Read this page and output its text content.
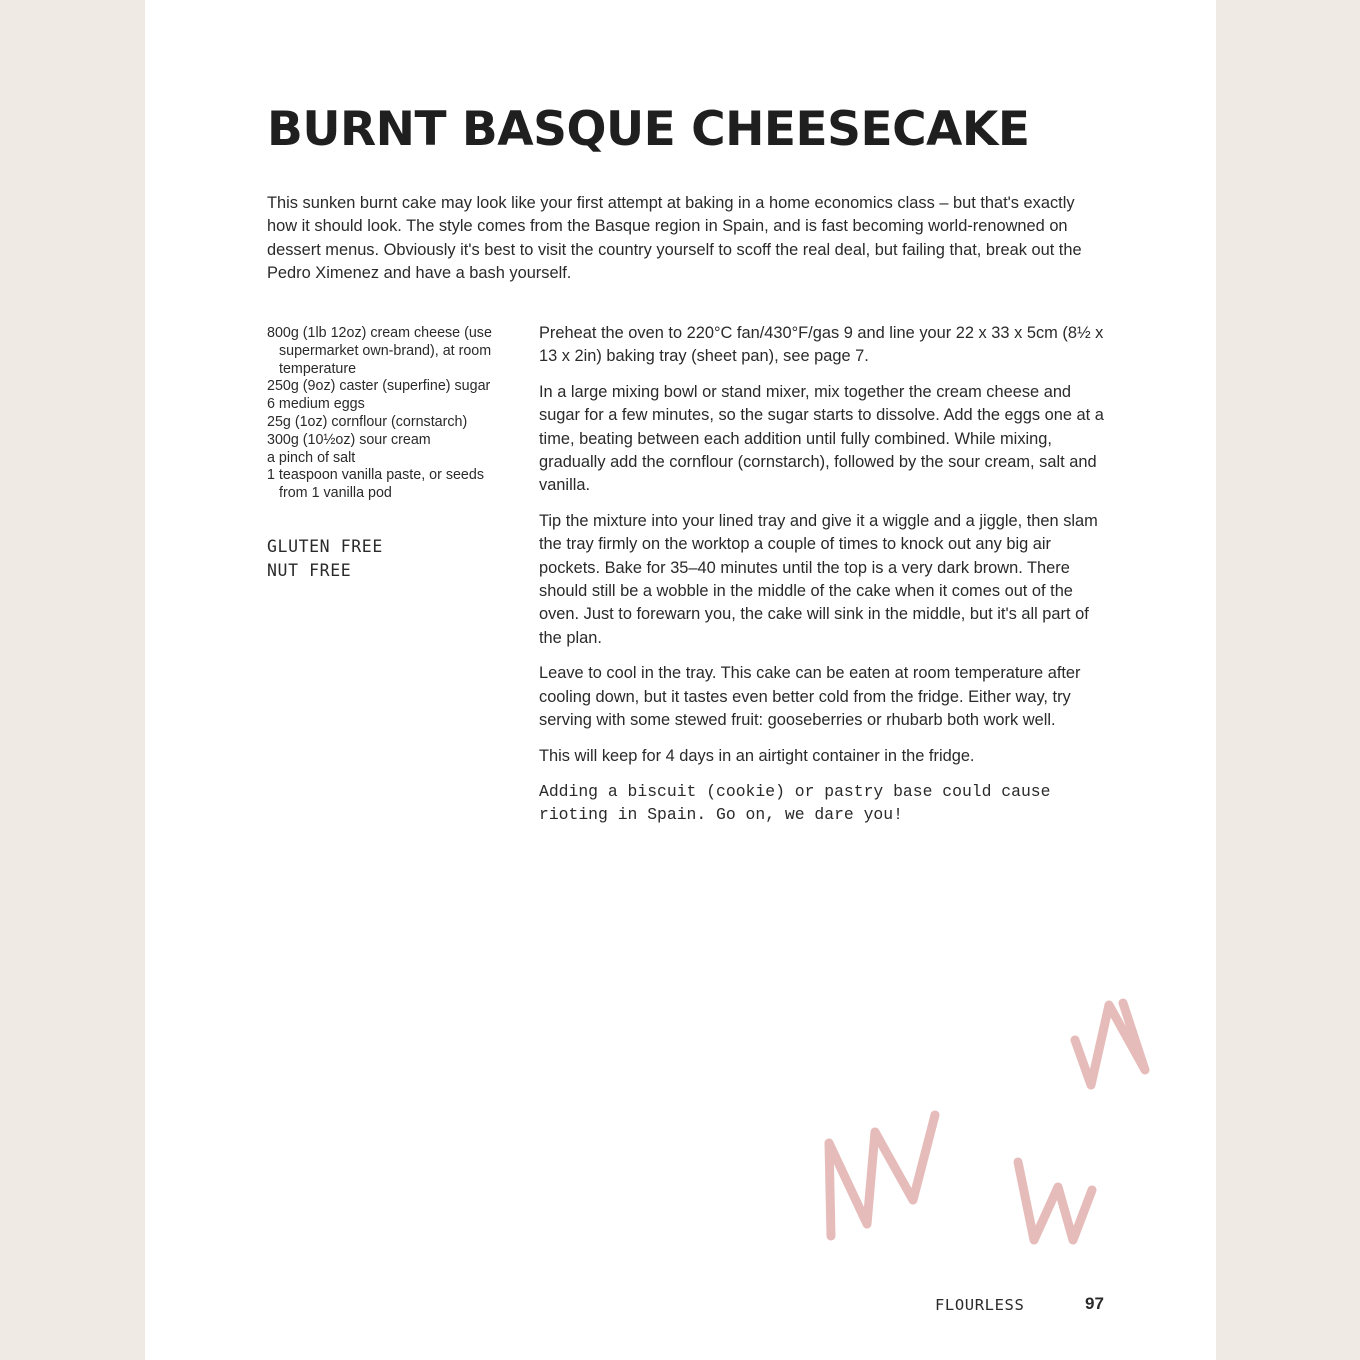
BURNT BASQUE CHEESECAKE

This sunken burnt cake may look like your first attempt at baking in a home economics class – but that's exactly how it should look. The style comes from the Basque region in Spain, and is fast becoming world-renowned on dessert menus. Obviously it's best to visit the country yourself to scoff the real deal, but failing that, break out the Pedro Ximenez and have a bash yourself.

800g (1lb 12oz) cream cheese (use supermarket own-brand), at room temperature
250g (9oz) caster (superfine) sugar
6 medium eggs
25g (1oz) cornflour (cornstarch)
300g (10½oz) sour cream
a pinch of salt
1 teaspoon vanilla paste, or seeds from 1 vanilla pod
GLUTEN FREE
NUT FREE

Preheat the oven to 220°C fan/430°F/gas 9 and line your 22 x 33 x 5cm (8½ x 13 x 2in) baking tray (sheet pan), see page 7.

In a large mixing bowl or stand mixer, mix together the cream cheese and sugar for a few minutes, so the sugar starts to dissolve. Add the eggs one at a time, beating between each addition until fully combined. While mixing, gradually add the cornflour (cornstarch), followed by the sour cream, salt and vanilla.

Tip the mixture into your lined tray and give it a wiggle and a jiggle, then slam the tray firmly on the worktop a couple of times to knock out any big air pockets. Bake for 35–40 minutes until the top is a very dark brown. There should still be a wobble in the middle of the cake when it comes out of the oven. Just to forewarn you, the cake will sink in the middle, but it's all part of the plan.

Leave to cool in the tray. This cake can be eaten at room temperature after cooling down, but it tastes even better cold from the fridge. Either way, try serving with some stewed fruit: gooseberries or rhubarb both work well.

This will keep for 4 days in an airtight container in the fridge.

Adding a biscuit (cookie) or pastry base could cause rioting in Spain. Go on, we dare you!

FLOURLESS	97
